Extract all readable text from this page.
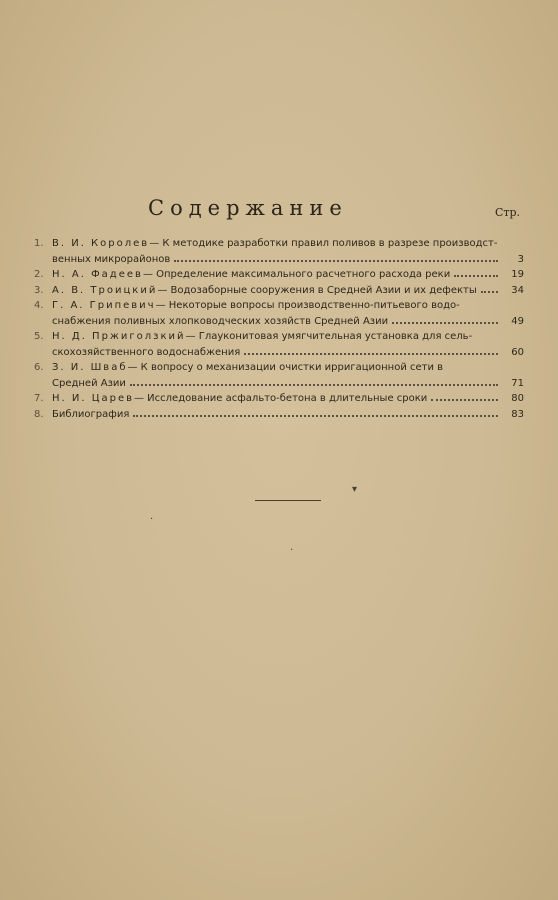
Содержание	Стр.
1. В. И. Королев — К методике разработки правил поливов в разрезе производст-
венных микрорайонов	3
2. Н. А. Фадеев — Определение максимального расчетного расхода реки	19
3. А. В. Троицкий — Водозаборные сооружения в Средней Азии и их дефекты	34
4. Г. А. Грипевич — Некоторые вопросы производственно-питьевого водо-
снабжения поливных хлопководческих хозяйств Средней Азии	49
5. Н. Д. Пржиголзкий — Глауконитовая умягчительная установка для сель-
скохозяйственного водоснабжения	60
6. З. И. Шваб — К вопросу о механизации очистки ирригационной сети в
Средней Азии	71
7. Н. И. Царев — Исследование асфальто-бетона в длительные сроки	80
8. Библиография	83
▾
·
·
